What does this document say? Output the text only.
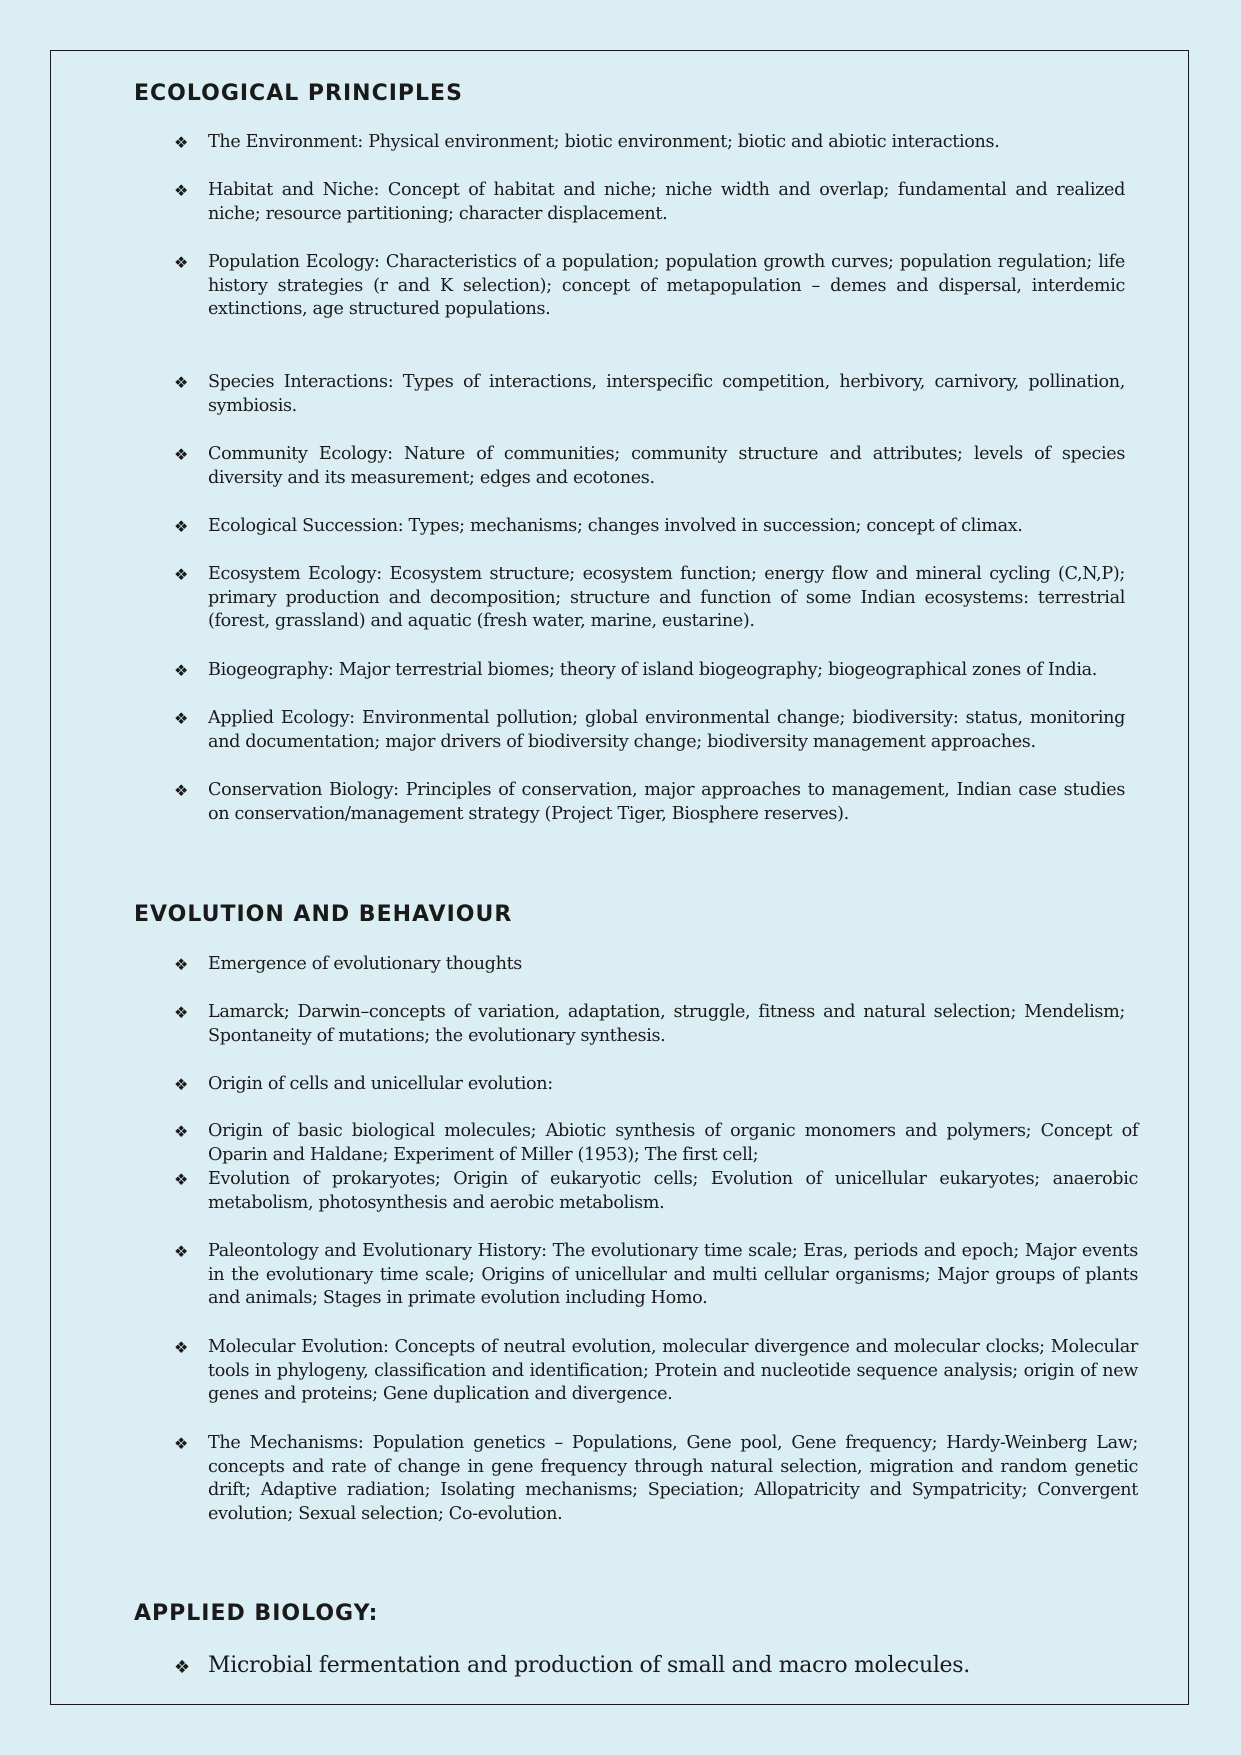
ECOLOGICAL PRINCIPLES
❖ The Environment: Physical environment; biotic environment; biotic and abiotic interactions.
❖ Habitat and Niche: Concept of habitat and niche; niche width and overlap; fundamental and realized niche; resource partitioning; character displacement.
❖ Population Ecology: Characteristics of a population; population growth curves; population regulation; life history strategies (r and K selection); concept of metapopulation – demes and dispersal, interdemic extinctions, age structured populations.
❖ Species Interactions: Types of interactions, interspecific competition, herbivory, carnivory, pollination, symbiosis.
❖ Community Ecology: Nature of communities; community structure and attributes; levels of species diversity and its measurement; edges and ecotones.
❖ Ecological Succession: Types; mechanisms; changes involved in succession; concept of climax.
❖ Ecosystem Ecology: Ecosystem structure; ecosystem function; energy flow and mineral cycling (C,N,P); primary production and decomposition; structure and function of some Indian ecosystems: terrestrial (forest, grassland) and aquatic (fresh water, marine, eustarine).
❖ Biogeography: Major terrestrial biomes; theory of island biogeography; biogeographical zones of India.
❖ Applied Ecology: Environmental pollution; global environmental change; biodiversity: status, monitoring and documentation; major drivers of biodiversity change; biodiversity management approaches.
❖ Conservation Biology: Principles of conservation, major approaches to management, Indian case studies on conservation/management strategy (Project Tiger, Biosphere reserves).
EVOLUTION AND BEHAVIOUR
❖ Emergence of evolutionary thoughts
❖ Lamarck; Darwin–concepts of variation, adaptation, struggle, fitness and natural selection; Mendelism; Spontaneity of mutations; the evolutionary synthesis.
❖ Origin of cells and unicellular evolution:
❖ Origin of basic biological molecules; Abiotic synthesis of organic monomers and polymers; Concept of Oparin and Haldane; Experiment of Miller (1953); The first cell;
❖ Evolution of prokaryotes; Origin of eukaryotic cells; Evolution of unicellular eukaryotes; anaerobic metabolism, photosynthesis and aerobic metabolism.
❖ Paleontology and Evolutionary History: The evolutionary time scale; Eras, periods and epoch; Major events in the evolutionary time scale; Origins of unicellular and multi cellular organisms; Major groups of plants and animals; Stages in primate evolution including Homo.
❖ Molecular Evolution: Concepts of neutral evolution, molecular divergence and molecular clocks; Molecular tools in phylogeny, classification and identification; Protein and nucleotide sequence analysis; origin of new genes and proteins; Gene duplication and divergence.
❖ The Mechanisms: Population genetics – Populations, Gene pool, Gene frequency; Hardy-Weinberg Law; concepts and rate of change in gene frequency through natural selection, migration and random genetic drift; Adaptive radiation; Isolating mechanisms; Speciation; Allopatricity and Sympatricity; Convergent evolution; Sexual selection; Co-evolution.
APPLIED BIOLOGY:
❖ Microbial fermentation and production of small and macro molecules.
